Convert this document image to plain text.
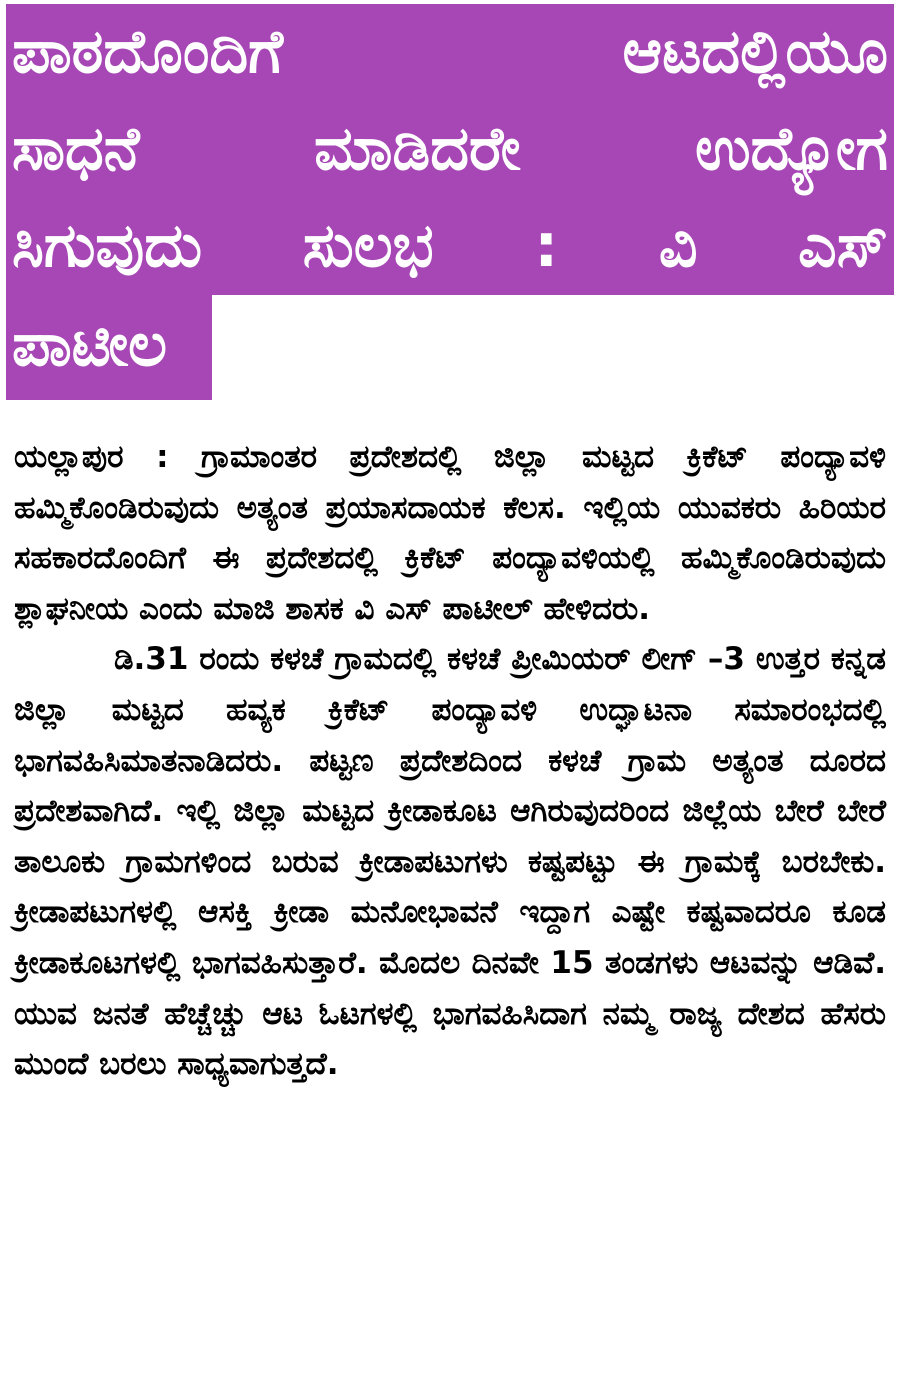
ಪಾಠದೊಂದಿಗೆ ಆಟದಲ್ಲಿಯೂ
ಸಾಧನೆ ಮಾಡಿದರೇ ಉದ್ಯೋಗ
ಸಿಗುವುದು ಸುಲಭ : ವಿ ಎಸ್
ಪಾಟೀಲ

ಯಲ್ಲಾಪುರ : ಗ್ರಾಮಾಂತರ ಪ್ರದೇಶದಲ್ಲಿ ಜಿಲ್ಲಾ ಮಟ್ಟದ ಕ್ರಿಕೆಟ್ ಪಂದ್ಯಾವಳಿ ಹಮ್ಮಿಕೊಂಡಿರುವುದು ಅತ್ಯಂತ ಪ್ರಯಾಸದಾಯಕ ಕೆಲಸ. ಇಲ್ಲಿಯ ಯುವಕರು ಹಿರಿಯರ ಸಹಕಾರದೊಂದಿಗೆ ಈ ಪ್ರದೇಶದಲ್ಲಿ ಕ್ರಿಕೆಟ್ ಪಂದ್ಯಾವಳಿಯಲ್ಲಿ ಹಮ್ಮಿಕೊಂಡಿರುವುದು ಶ್ಲಾಘನೀಯ ಎಂದು ಮಾಜಿ ಶಾಸಕ ವಿ ಎಸ್ ಪಾಟೀಲ್ ಹೇಳಿದರು.

ಡಿ.31 ರಂದು ಕಳಚೆ ಗ್ರಾಮದಲ್ಲಿ ಕಳಚೆ ಪ್ರೀಮಿಯರ್ ಲೀಗ್ –3 ಉತ್ತರ ಕನ್ನಡ ಜಿಲ್ಲಾ ಮಟ್ಟದ ಹವ್ಯಕ ಕ್ರಿಕೆಟ್ ಪಂದ್ಯಾವಳಿ ಉದ್ಘಾಟನಾ ಸಮಾರಂಭದಲ್ಲಿ ಭಾಗವಹಿಸಿಮಾತನಾಡಿದರು. ಪಟ್ಟಣ ಪ್ರದೇಶದಿಂದ ಕಳಚೆ ಗ್ರಾಮ ಅತ್ಯಂತ ದೂರದ ಪ್ರದೇಶವಾಗಿದೆ. ಇಲ್ಲಿ ಜಿಲ್ಲಾ ಮಟ್ಟದ ಕ್ರೀಡಾಕೂಟ ಆಗಿರುವುದರಿಂದ ಜಿಲ್ಲೆಯ ಬೇರೆ ಬೇರೆ ತಾಲೂಕು ಗ್ರಾಮಗಳಿಂದ ಬರುವ ಕ್ರೀಡಾಪಟುಗಳು ಕಷ್ಟಪಟ್ಟು ಈ ಗ್ರಾಮಕ್ಕೆ ಬರಬೇಕು. ಕ್ರೀಡಾಪಟುಗಳಲ್ಲಿ ಆಸಕ್ತಿ ಕ್ರೀಡಾ ಮನೋಭಾವನೆ ಇದ್ದಾಗ ಎಷ್ಟೇ ಕಷ್ಟವಾದರೂ ಕೂಡ ಕ್ರೀಡಾಕೂಟಗಳಲ್ಲಿ ಭಾಗವಹಿಸುತ್ತಾರೆ. ಮೊದಲ ದಿನವೇ 15 ತಂಡಗಳು ಆಟವನ್ನು ಆಡಿವೆ. ಯುವ ಜನತೆ ಹೆಚ್ಚೆಚ್ಚು ಆಟ ಓಟಗಳಲ್ಲಿ ಭಾಗವಹಿಸಿದಾಗ ನಮ್ಮ ರಾಜ್ಯ ದೇಶದ ಹೆಸರು ಮುಂದೆ ಬರಲು ಸಾಧ್ಯವಾಗುತ್ತದೆ.
